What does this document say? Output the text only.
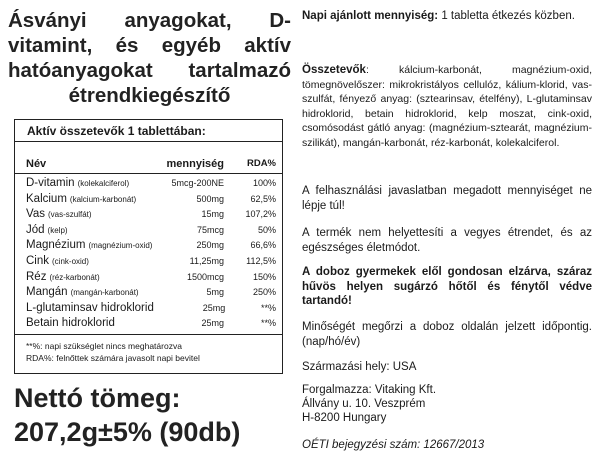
Ásványi anyagokat, D-vitamint, és egyéb aktív hatóanyagokat tartalmazó étrendkiegészítő
Aktív összetevők 1 tablettában:
Név	mennyiség	RDA%
D-vitamin (kolekalciferol)	5mcg-200NE	100%
Kalcium (kalcium-karbonát)	500mg	62,5%
Vas (vas-szulfát)	15mg	107,2%
Jód (kelp)	75mcg	50%
Magnézium (magnézium-oxid)	250mg	66,6%
Cink (cink-oxid)	11,25mg	112,5%
Réz (réz-karbonát)	1500mcg	150%
Mangán (mangán-karbonát)	5mg	250%
L-glutaminsav hidroklorid	25mg	**%
Betain hidroklorid	25mg	**%
**%: napi szükséglet nincs meghatározva
RDA%: felnőttek számára javasolt napi bevitel
Nettó tömeg:
207,2g±5% (90db)
Napi ajánlott mennyiség: 1 tabletta étkezés közben.
Összetevők: kálcium-karbonát, magnézium-oxid, tömegnövelőszer: mikrokristályos cellulóz, kálium-klorid, vas-szulfát, fényező anyag: (sztearinsav, ételfény), L-glutaminsav hidroklorid, betain hidroklorid, kelp moszat, cink-oxid, csomósodást gátló anyag: (magnézium-sztearát, magnézium-szilikát), mangán-karbonát, réz-karbonát, kolekalciferol.
A felhasználási javaslatban megadott mennyiséget ne lépje túl!
A termék nem helyettesíti a vegyes étrendet, és az egészséges életmódot.
A doboz gyermekek elől gondosan elzárva, száraz hűvös helyen sugárzó hőtől és fénytől védve tartandó!
Minőségét megőrzi a doboz oldalán jelzett időpontig. (nap/hó/év)
Származási hely: USA
Forgalmazza: Vitaking Kft.
Állvány u. 10. Veszprém
H-8200 Hungary
OÉTI bejegyzési szám: 12667/2013
